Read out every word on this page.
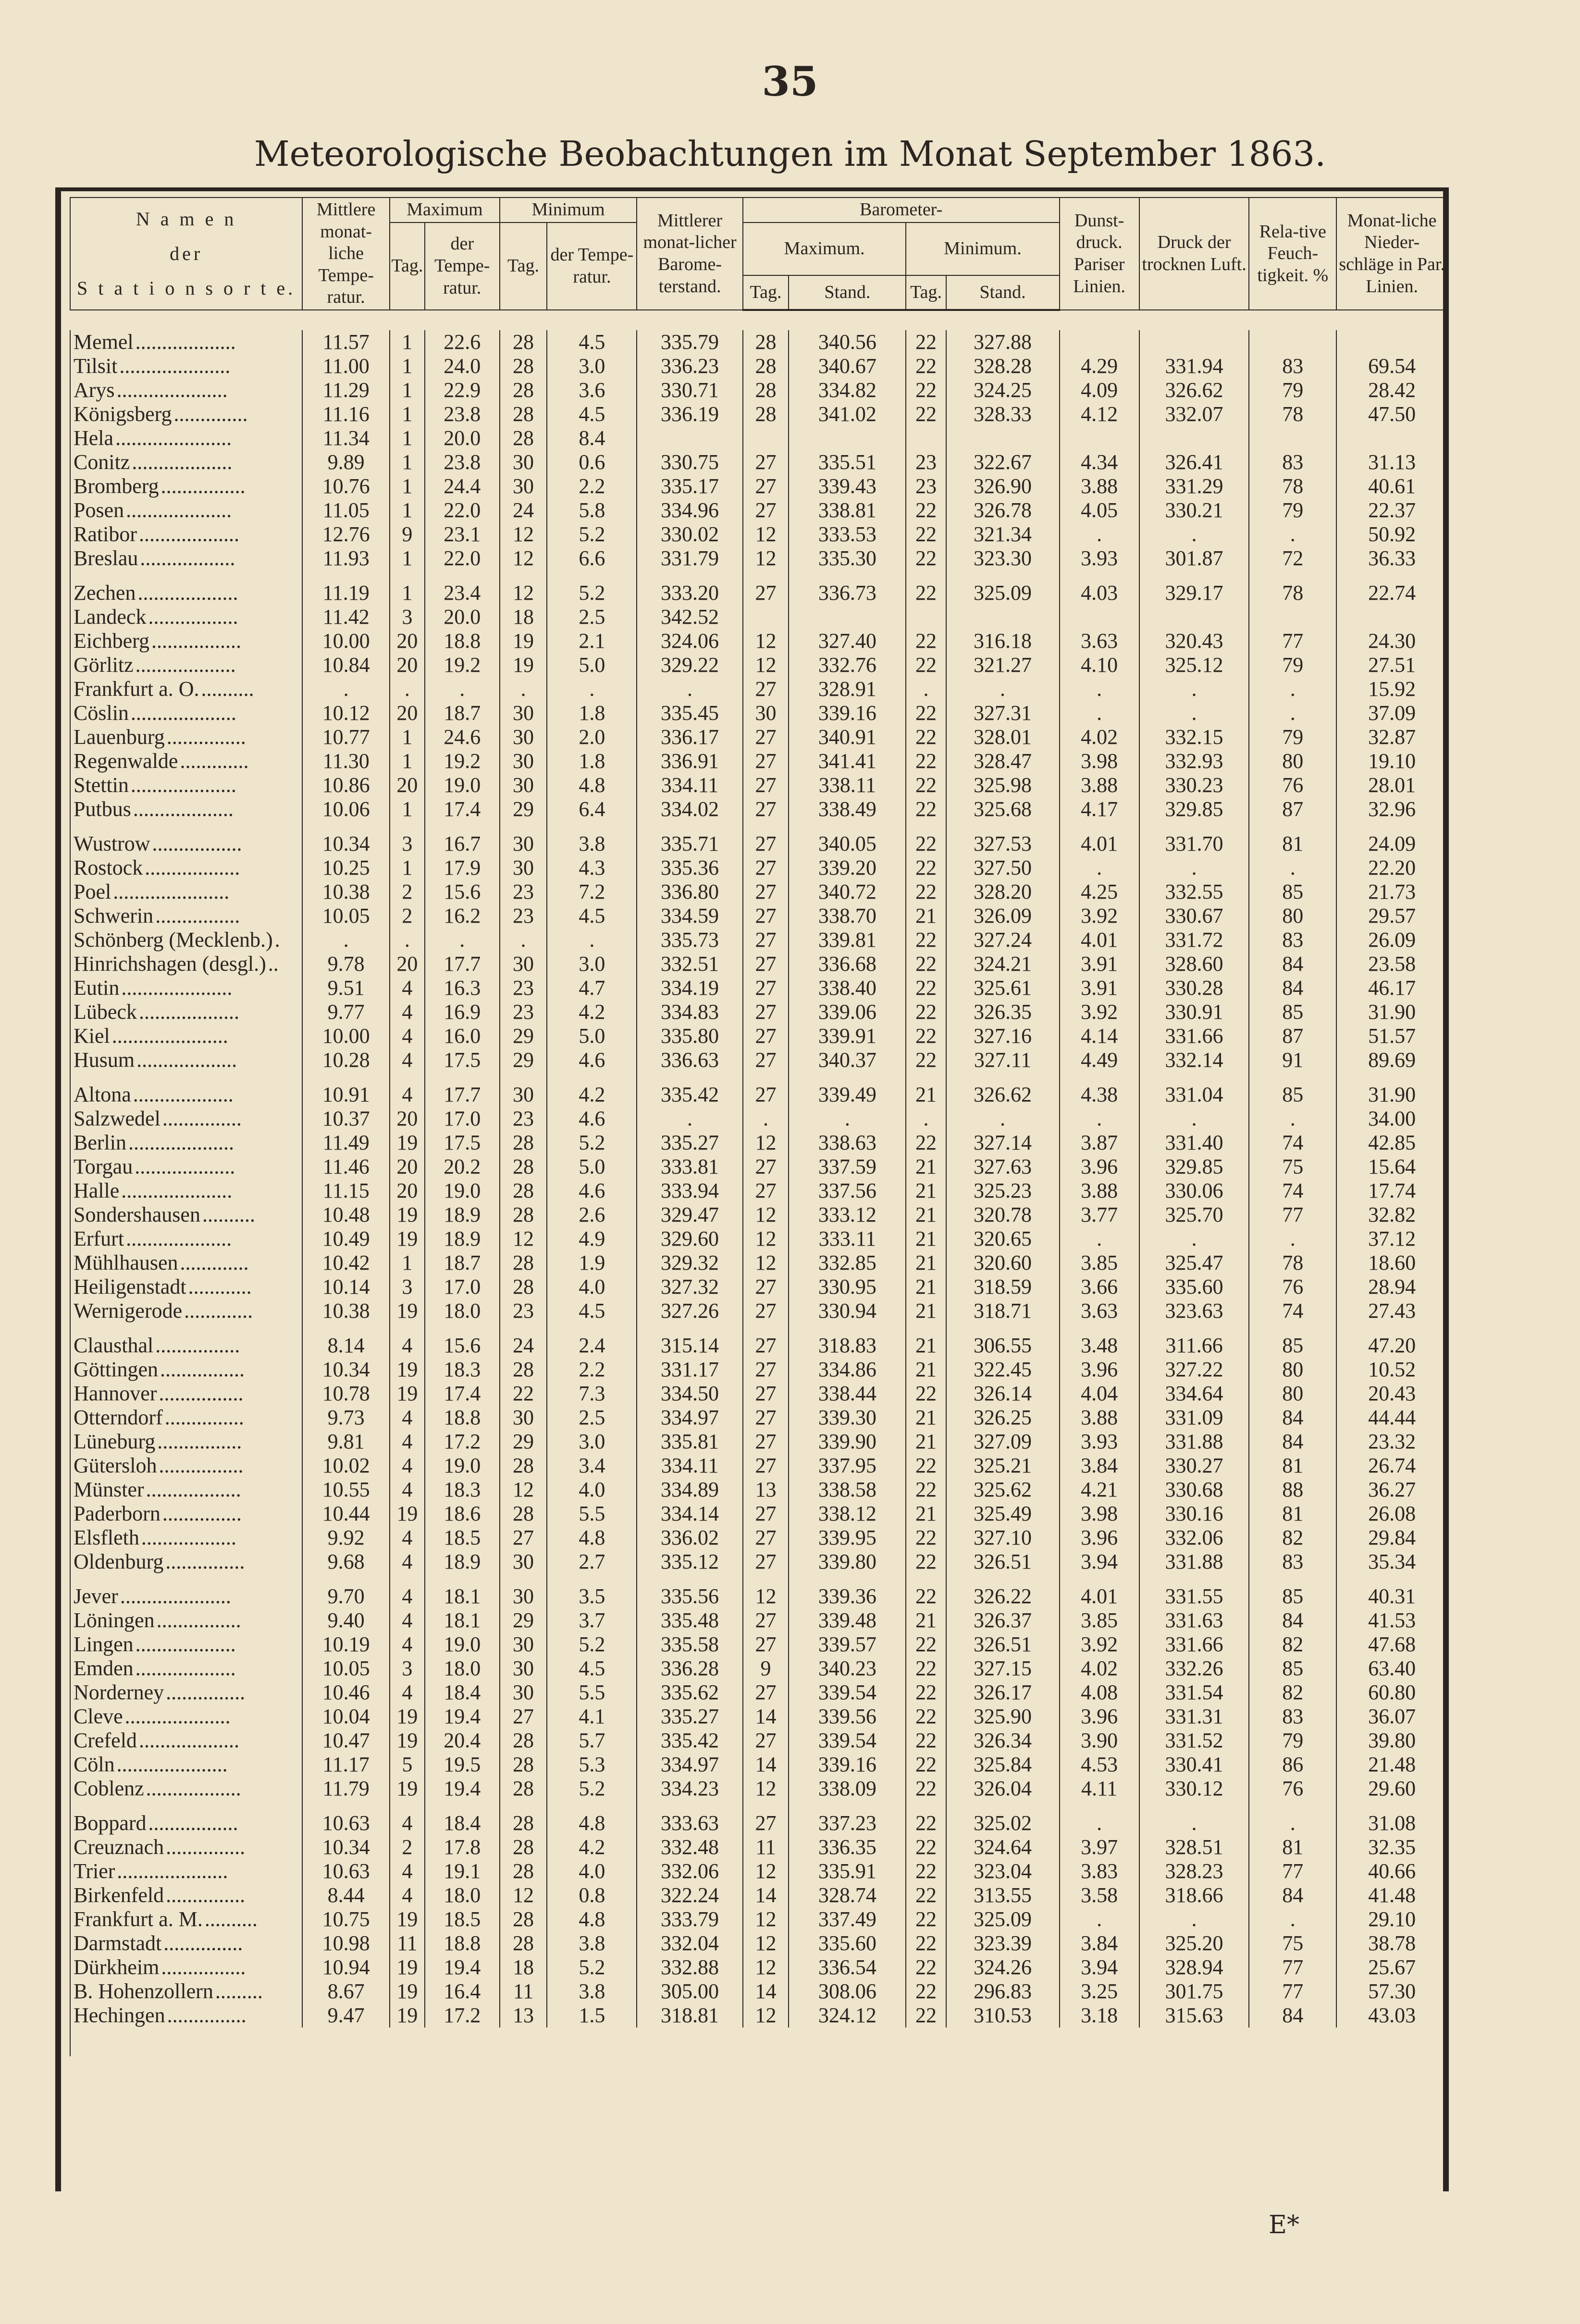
35
Meteorologische Beobachtungen im Monat September 1863.
N a m e n
der
S t a t i o n s o r t e.	Mittlere monat-liche Tempe-ratur.	Maximum		Minimum		Mittlerer monat-licher Barome-terstand.	Barometer-				Dunst-druck. Pariser Linien.	Druck der trocknen Luft.	Rela-tive Feuch-tigkeit. %	Monat-liche Nieder-schläge in Par. Linien.
		Tag.	der Tempe-ratur.	Tag.	der Tempe-ratur.		Maximum.		Minimum.					
							Tag.	Stand.	Tag.	Stand.				

Memel...................	11.57	1	22.6	28	4.5	335.79	28	340.56	22	327.88				
Tilsit.....................	11.00	1	24.0	28	3.0	336.23	28	340.67	22	328.28	4.29	331.94	83	69.54
Arys.....................	11.29	1	22.9	28	3.6	330.71	28	334.82	22	324.25	4.09	326.62	79	28.42
Königsberg..............	11.16	1	23.8	28	4.5	336.19	28	341.02	22	328.33	4.12	332.07	78	47.50
Hela......................	11.34	1	20.0	28	8.4									
Conitz...................	9.89	1	23.8	30	0.6	330.75	27	335.51	23	322.67	4.34	326.41	83	31.13
Bromberg................	10.76	1	24.4	30	2.2	335.17	27	339.43	23	326.90	3.88	331.29	78	40.61
Posen....................	11.05	1	22.0	24	5.8	334.96	27	338.81	22	326.78	4.05	330.21	79	22.37
Ratibor...................	12.76	9	23.1	12	5.2	330.02	12	333.53	22	321.34	.	.	.	50.92
Breslau..................	11.93	1	22.0	12	6.6	331.79	12	335.30	22	323.30	3.93	301.87	72	36.33
Zechen...................	11.19	1	23.4	12	5.2	333.20	27	336.73	22	325.09	4.03	329.17	78	22.74
Landeck.................	11.42	3	20.0	18	2.5	342.52								
Eichberg.................	10.00	20	18.8	19	2.1	324.06	12	327.40	22	316.18	3.63	320.43	77	24.30
Görlitz...................	10.84	20	19.2	19	5.0	329.22	12	332.76	22	321.27	4.10	325.12	79	27.51
Frankfurt a. O...........	.	.	.	.	.	.	27	328.91	.	.	.	.	.	15.92
Cöslin....................	10.12	20	18.7	30	1.8	335.45	30	339.16	22	327.31	.	.	.	37.09
Lauenburg...............	10.77	1	24.6	30	2.0	336.17	27	340.91	22	328.01	4.02	332.15	79	32.87
Regenwalde.............	11.30	1	19.2	30	1.8	336.91	27	341.41	22	328.47	3.98	332.93	80	19.10
Stettin....................	10.86	20	19.0	30	4.8	334.11	27	338.11	22	325.98	3.88	330.23	76	28.01
Putbus...................	10.06	1	17.4	29	6.4	334.02	27	338.49	22	325.68	4.17	329.85	87	32.96
Wustrow.................	10.34	3	16.7	30	3.8	335.71	27	340.05	22	327.53	4.01	331.70	81	24.09
Rostock..................	10.25	1	17.9	30	4.3	335.36	27	339.20	22	327.50	.	.	.	22.20
Poel......................	10.38	2	15.6	23	7.2	336.80	27	340.72	22	328.20	4.25	332.55	85	21.73
Schwerin................	10.05	2	16.2	23	4.5	334.59	27	338.70	21	326.09	3.92	330.67	80	29.57
Schönberg (Mecklenb.).	.	.	.	.	.	335.73	27	339.81	22	327.24	4.01	331.72	83	26.09
Hinrichshagen (desgl.)..	9.78	20	17.7	30	3.0	332.51	27	336.68	22	324.21	3.91	328.60	84	23.58
Eutin.....................	9.51	4	16.3	23	4.7	334.19	27	338.40	22	325.61	3.91	330.28	84	46.17
Lübeck...................	9.77	4	16.9	23	4.2	334.83	27	339.06	22	326.35	3.92	330.91	85	31.90
Kiel......................	10.00	4	16.0	29	5.0	335.80	27	339.91	22	327.16	4.14	331.66	87	51.57
Husum...................	10.28	4	17.5	29	4.6	336.63	27	340.37	22	327.11	4.49	332.14	91	89.69
Altona...................	10.91	4	17.7	30	4.2	335.42	27	339.49	21	326.62	4.38	331.04	85	31.90
Salzwedel...............	10.37	20	17.0	23	4.6	.	.	.	.	.	.	.	.	34.00
Berlin....................	11.49	19	17.5	28	5.2	335.27	12	338.63	22	327.14	3.87	331.40	74	42.85
Torgau...................	11.46	20	20.2	28	5.0	333.81	27	337.59	21	327.63	3.96	329.85	75	15.64
Halle.....................	11.15	20	19.0	28	4.6	333.94	27	337.56	21	325.23	3.88	330.06	74	17.74
Sondershausen..........	10.48	19	18.9	28	2.6	329.47	12	333.12	21	320.78	3.77	325.70	77	32.82
Erfurt....................	10.49	19	18.9	12	4.9	329.60	12	333.11	21	320.65	.	.	.	37.12
Mühlhausen.............	10.42	1	18.7	28	1.9	329.32	12	332.85	21	320.60	3.85	325.47	78	18.60
Heiligenstadt............	10.14	3	17.0	28	4.0	327.32	27	330.95	21	318.59	3.66	335.60	76	28.94
Wernigerode.............	10.38	19	18.0	23	4.5	327.26	27	330.94	21	318.71	3.63	323.63	74	27.43
Clausthal................	8.14	4	15.6	24	2.4	315.14	27	318.83	21	306.55	3.48	311.66	85	47.20
Göttingen................	10.34	19	18.3	28	2.2	331.17	27	334.86	21	322.45	3.96	327.22	80	10.52
Hannover................	10.78	19	17.4	22	7.3	334.50	27	338.44	22	326.14	4.04	334.64	80	20.43
Otterndorf...............	9.73	4	18.8	30	2.5	334.97	27	339.30	21	326.25	3.88	331.09	84	44.44
Lüneburg................	9.81	4	17.2	29	3.0	335.81	27	339.90	21	327.09	3.93	331.88	84	23.32
Gütersloh................	10.02	4	19.0	28	3.4	334.11	27	337.95	22	325.21	3.84	330.27	81	26.74
Münster..................	10.55	4	18.3	12	4.0	334.89	13	338.58	22	325.62	4.21	330.68	88	36.27
Paderborn...............	10.44	19	18.6	28	5.5	334.14	27	338.12	21	325.49	3.98	330.16	81	26.08
Elsfleth..................	9.92	4	18.5	27	4.8	336.02	27	339.95	22	327.10	3.96	332.06	82	29.84
Oldenburg...............	9.68	4	18.9	30	2.7	335.12	27	339.80	22	326.51	3.94	331.88	83	35.34
Jever.....................	9.70	4	18.1	30	3.5	335.56	12	339.36	22	326.22	4.01	331.55	85	40.31
Löningen................	9.40	4	18.1	29	3.7	335.48	27	339.48	21	326.37	3.85	331.63	84	41.53
Lingen...................	10.19	4	19.0	30	5.2	335.58	27	339.57	22	326.51	3.92	331.66	82	47.68
Emden...................	10.05	3	18.0	30	4.5	336.28	9	340.23	22	327.15	4.02	332.26	85	63.40
Norderney...............	10.46	4	18.4	30	5.5	335.62	27	339.54	22	326.17	4.08	331.54	82	60.80
Cleve....................	10.04	19	19.4	27	4.1	335.27	14	339.56	22	325.90	3.96	331.31	83	36.07
Crefeld...................	10.47	19	20.4	28	5.7	335.42	27	339.54	22	326.34	3.90	331.52	79	39.80
Cöln.....................	11.17	5	19.5	28	5.3	334.97	14	339.16	22	325.84	4.53	330.41	86	21.48
Coblenz..................	11.79	19	19.4	28	5.2	334.23	12	338.09	22	326.04	4.11	330.12	76	29.60
Boppard.................	10.63	4	18.4	28	4.8	333.63	27	337.23	22	325.02	.	.	.	31.08
Creuznach...............	10.34	2	17.8	28	4.2	332.48	11	336.35	22	324.64	3.97	328.51	81	32.35
Trier.....................	10.63	4	19.1	28	4.0	332.06	12	335.91	22	323.04	3.83	328.23	77	40.66
Birkenfeld...............	8.44	4	18.0	12	0.8	322.24	14	328.74	22	313.55	3.58	318.66	84	41.48
Frankfurt a. M...........	10.75	19	18.5	28	4.8	333.79	12	337.49	22	325.09	.	.	.	29.10
Darmstadt...............	10.98	11	18.8	28	3.8	332.04	12	335.60	22	323.39	3.84	325.20	75	38.78
Dürkheim................	10.94	19	19.4	18	5.2	332.88	12	336.54	22	324.26	3.94	328.94	77	25.67
B. Hohenzollern.........	8.67	19	16.4	11	3.8	305.00	14	308.06	22	296.83	3.25	301.75	77	57.30
Hechingen...............	9.47	19	17.2	13	1.5	318.81	12	324.12	22	310.53	3.18	315.63	84	43.03

E*
